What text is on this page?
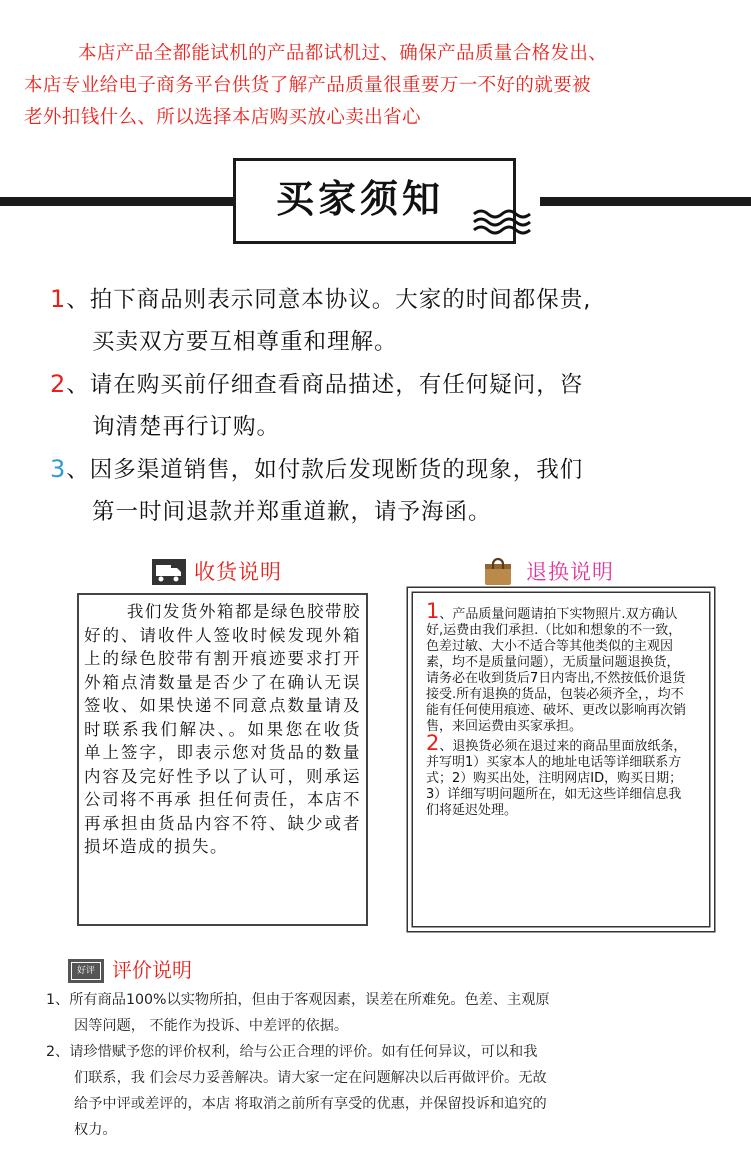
本店产品全都能试机的产品都试机过、确保产品质量合格发出、
本店专业给电子商务平台供货了解产品质量很重要万一不好的就要被
老外扣钱什么、所以选择本店购买放心卖出省心
买家须知
1、拍下商品则表示同意本协议。大家的时间都保贵,
买卖双方要互相尊重和理解。
2、请在购买前仔细查看商品描述，有任何疑问，咨
询清楚再行订购。
3、因多渠道销售，如付款后发现断货的现象，我们
第一时间退款并郑重道歉，请予海函。
收货说明	退换说明
我们发货外箱都是绿色胶带胶好的、请收件人签收时候发现外箱上的绿色胶带有割开痕迹要求打开外箱点清数量是否少了在确认无误签收、如果快递不同意点数量请及时联系我们解决、。如果您在收货单上签字，即表示您对货品的数量内容及完好性予以了认可，则承运公司将不再承 担任何责任，本店不再承担由货品内容不符、缺少或者损坏造成的损失。
1、产品质量问题请拍下实物照片.双方确认好,运费由我们承担.（比如和想象的不一致，色差过敏、大小不适合等其他类似的主观因素，均不是质量问题），无质量问题退换货，请务必在收到货后7日内寄出,不然按低价退货接受.所有退换的货品，包装必须齐全，，均不能有任何使用痕迹、破坏、更改以影响再次销售，来回运费由买家承担。
2、退换货必须在退过来的商品里面放纸条，并写明1）买家本人的地址电话等详细联系方式；2）购买出处，注明网店ID，购买日期；3）详细写明问题所在，如无这些详细信息我 们将延迟处理。
好评 评价说明
1、所有商品100%以实物所拍，但由于客观因素，误差在所难免。色差、主观原
因等问题， 不能作为投诉、中差评的依据。
2、请珍惜赋予您的评价权利，给与公正合理的评价。如有任何异议，可以和我
们联系，我 们会尽力妥善解决。请大家一定在问题解决以后再做评价。无故
给予中评或差评的，本店 将取消之前所有享受的优惠，并保留投诉和追究的
权力。
